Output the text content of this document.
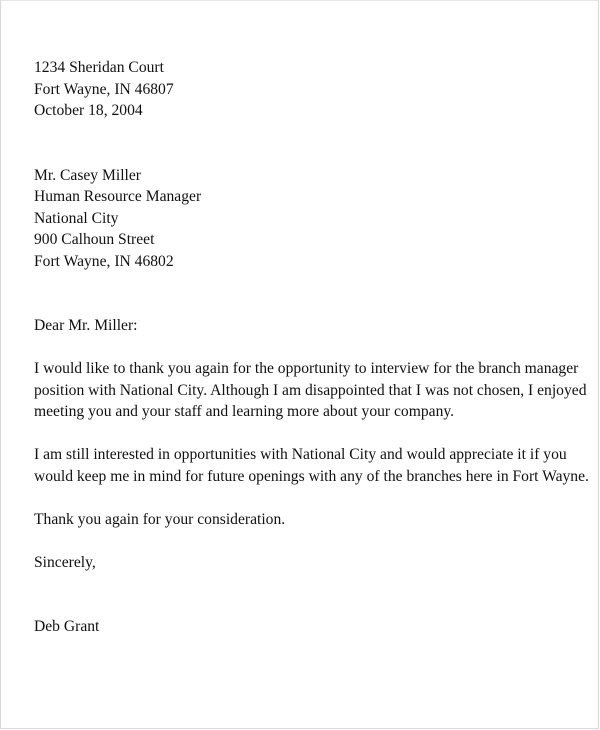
1234 Sheridan Court
Fort Wayne, IN 46807
October 18, 2004
Mr. Casey Miller
Human Resource Manager
National City
900 Calhoun Street
Fort Wayne, IN 46802
Dear Mr. Miller:
I would like to thank you again for the opportunity to interview for the branch manager
position with National City. Although I am disappointed that I was not chosen, I enjoyed
meeting you and your staff and learning more about your company.
I am still interested in opportunities with National City and would appreciate it if you
would keep me in mind for future openings with any of the branches here in Fort Wayne.
Thank you again for your consideration.
Sincerely,
Deb Grant
